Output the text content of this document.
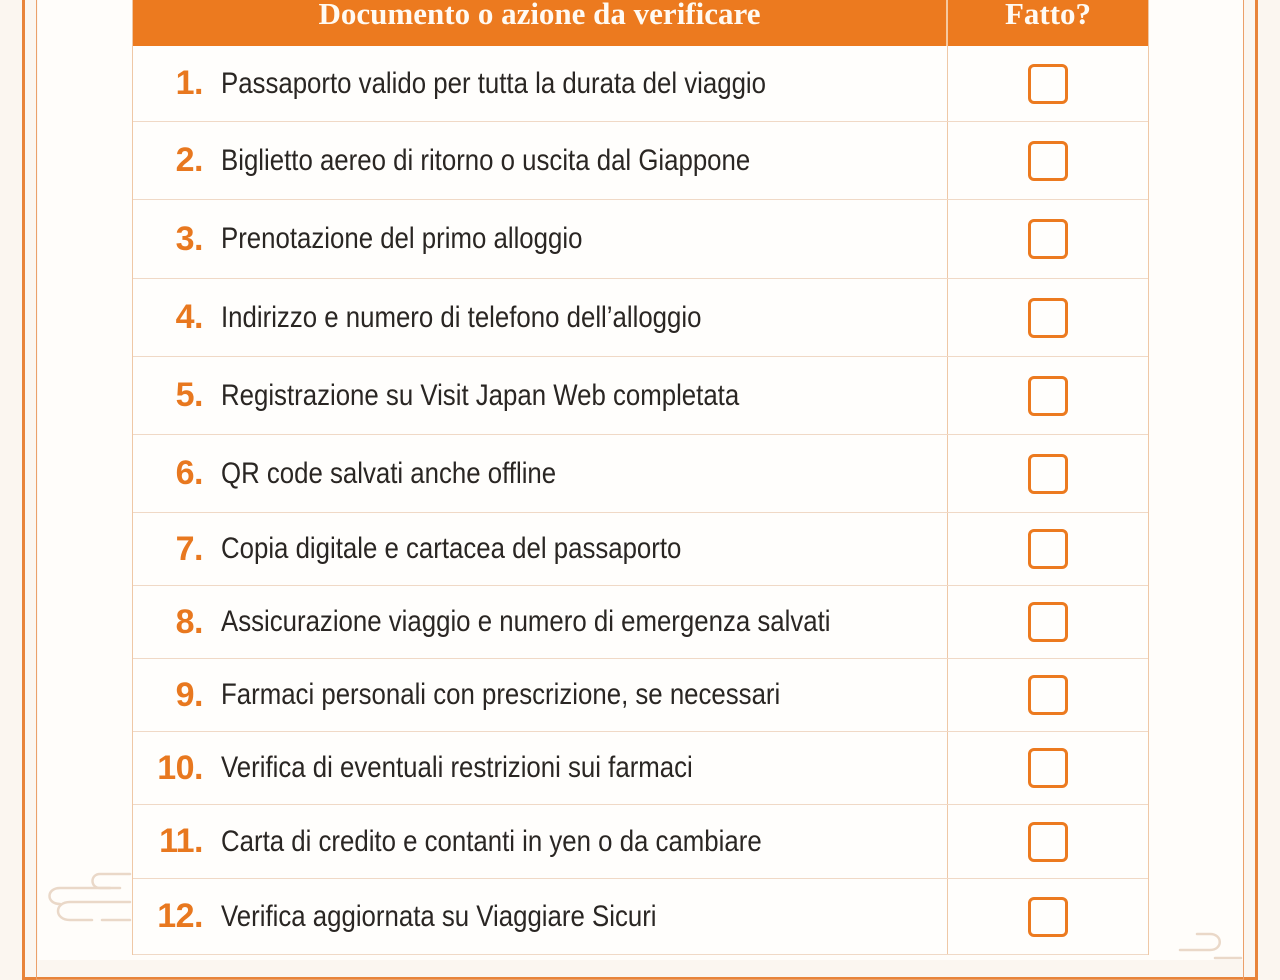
Documento o azione da verificare	Fatto?
1. Passaporto valido per tutta la durata del viaggio
2. Biglietto aereo di ritorno o uscita dal Giappone
3. Prenotazione del primo alloggio
4. Indirizzo e numero di telefono dell’alloggio
5. Registrazione su Visit Japan Web completata
6. QR code salvati anche offline
7. Copia digitale e cartacea del passaporto
8. Assicurazione viaggio e numero di emergenza salvati
9. Farmaci personali con prescrizione, se necessari
10. Verifica di eventuali restrizioni sui farmaci
11. Carta di credito e contanti in yen o da cambiare
12. Verifica aggiornata su Viaggiare Sicuri
